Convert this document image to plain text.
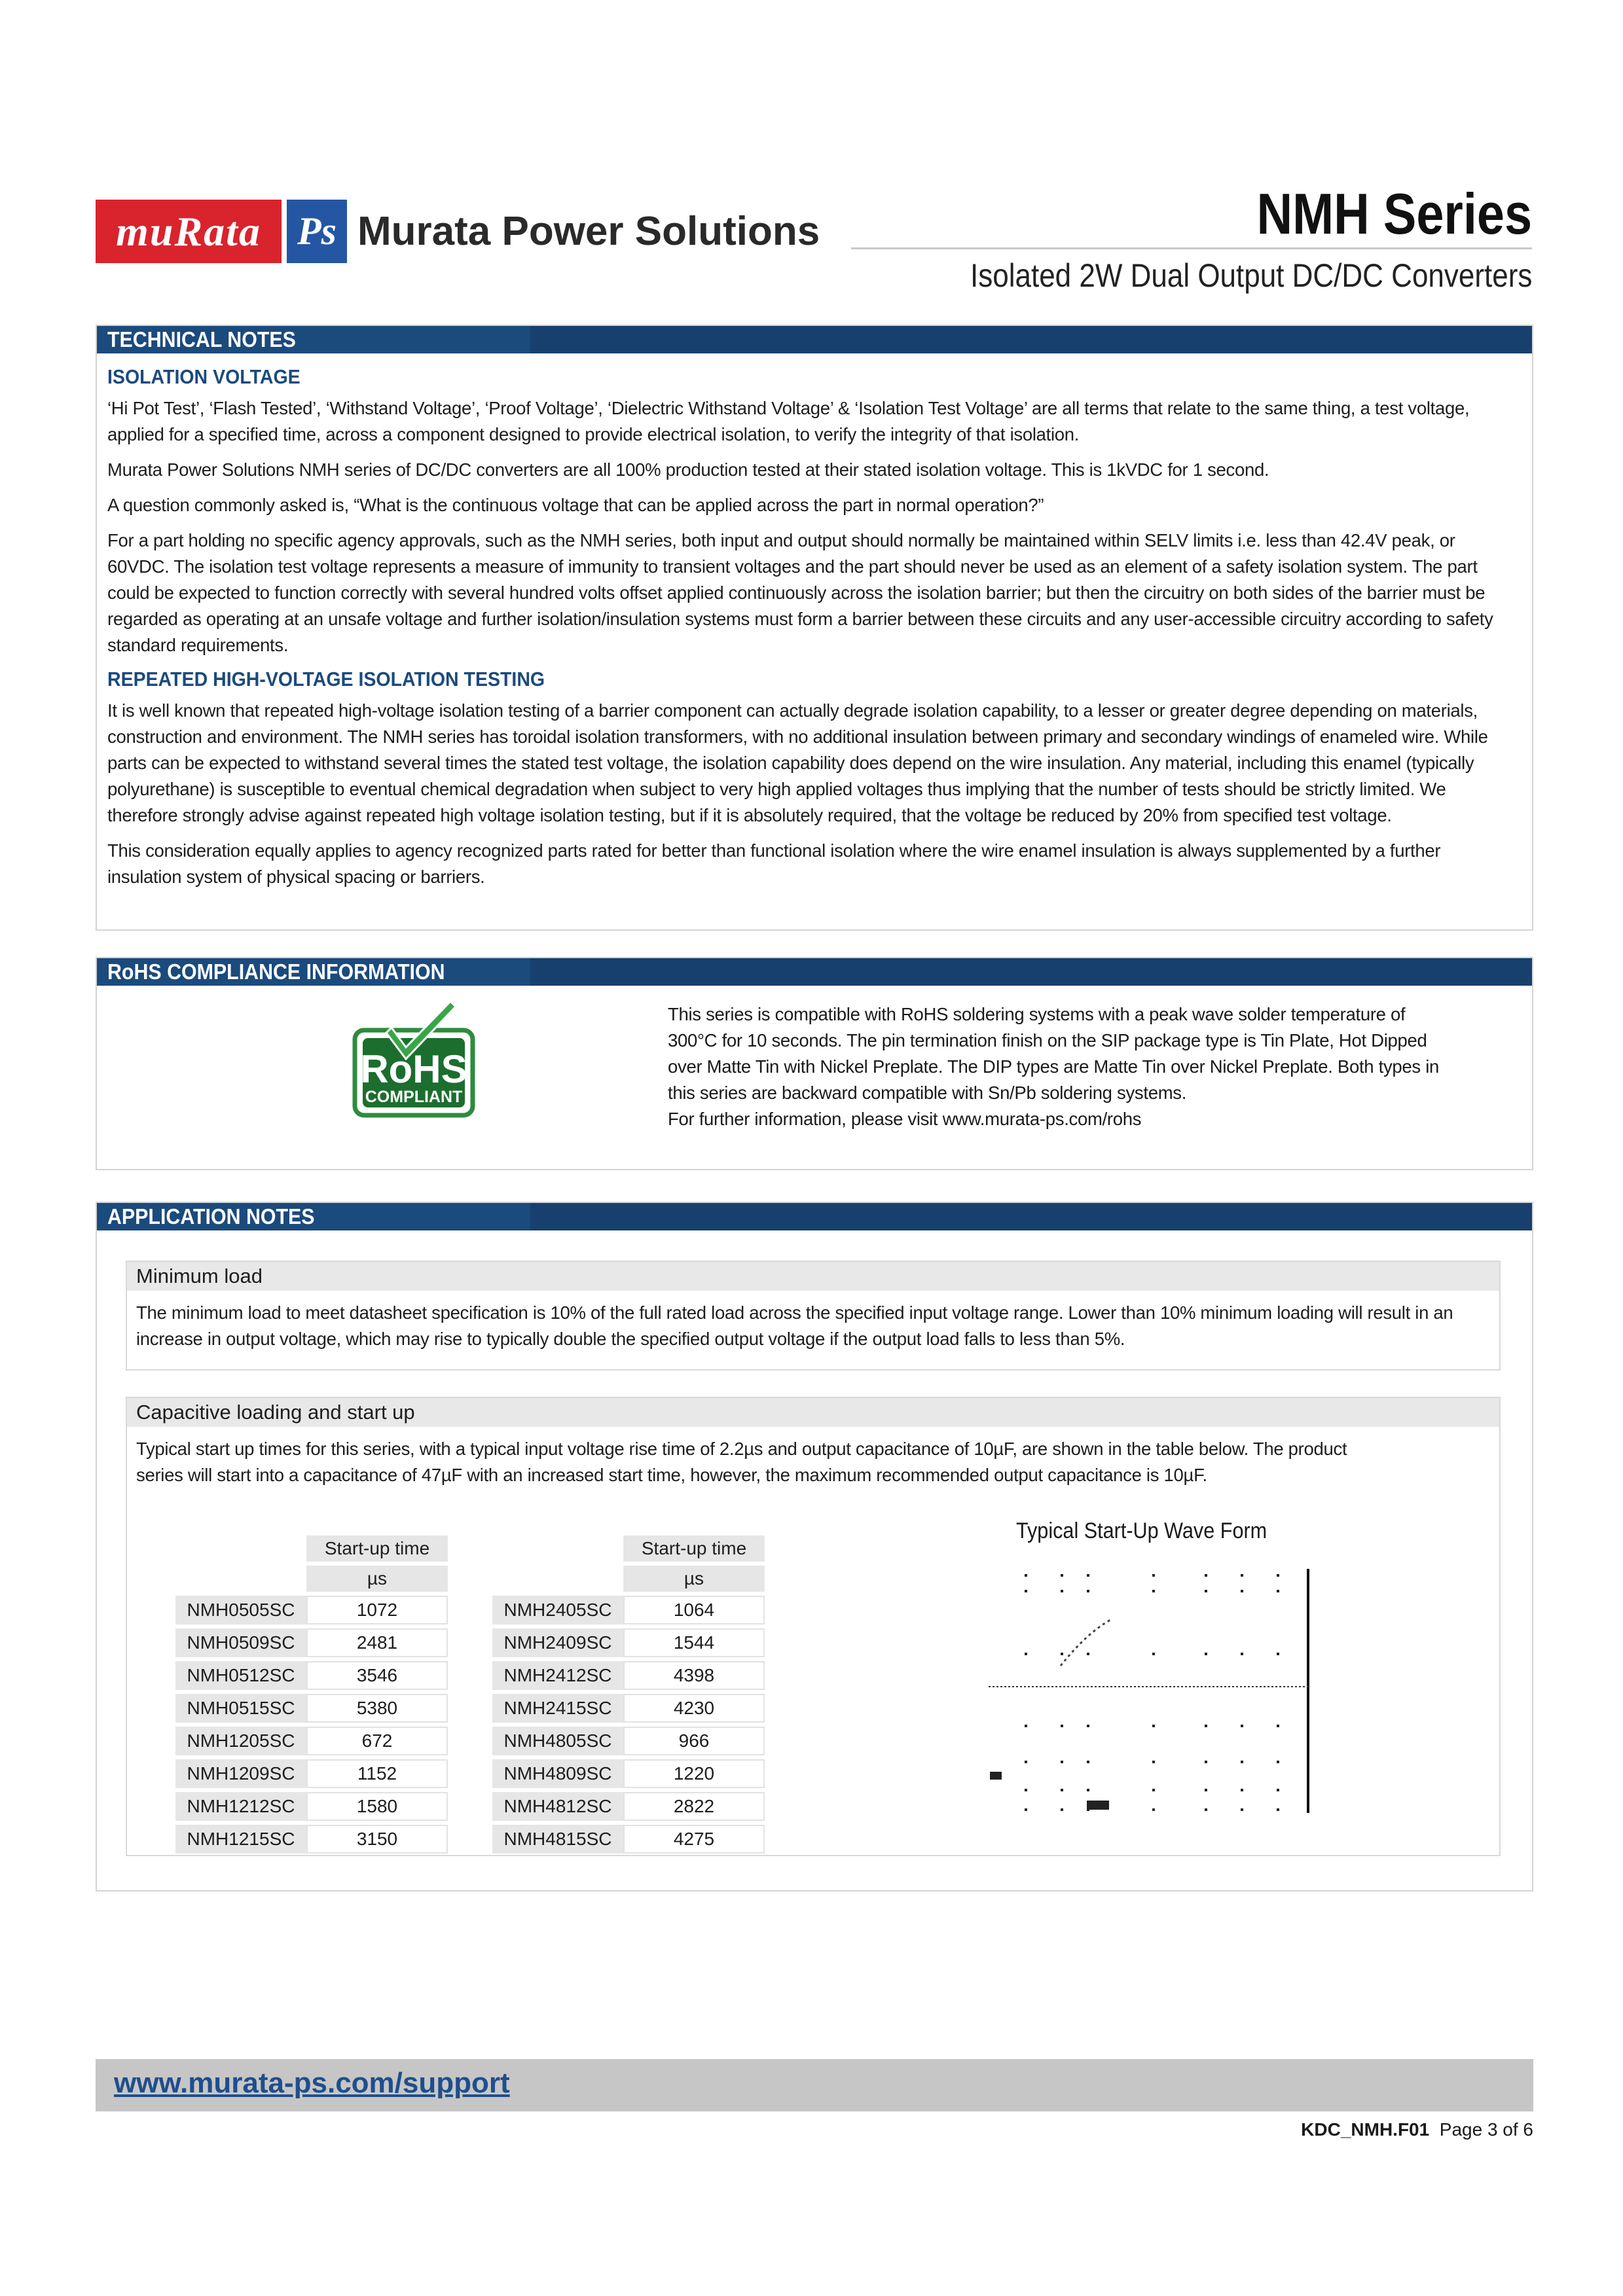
muRata Ps Murata Power Solutions	NMH Series
Isolated 2W Dual Output DC/DC Converters
TECHNICAL NOTES
ISOLATION VOLTAGE

‘Hi Pot Test’, ‘Flash Tested’, ‘Withstand Voltage’, ‘Proof Voltage’, ‘Dielectric Withstand Voltage’ & ‘Isolation Test Voltage’ are all terms that relate to the same thing, a test voltage, applied for a specified time, across a component designed to provide electrical isolation, to verify the integrity of that isolation.

Murata Power Solutions NMH series of DC/DC converters are all 100% production tested at their stated isolation voltage. This is 1kVDC for 1 second.

A question commonly asked is, “What is the continuous voltage that can be applied across the part in normal operation?”

For a part holding no specific agency approvals, such as the NMH series, both input and output should normally be maintained within SELV limits i.e. less than 42.4V peak, or 60VDC. The isolation test voltage represents a measure of immunity to transient voltages and the part should never be used as an element of a safety isolation system. The part could be expected to function correctly with several hundred volts offset applied continuously across the isolation barrier; but then the circuitry on both sides of the barrier must be regarded as operating at an unsafe voltage and further isolation/insulation systems must form a barrier between these circuits and any user-accessible circuitry according to safety standard requirements.

REPEATED HIGH-VOLTAGE ISOLATION TESTING

It is well known that repeated high-voltage isolation testing of a barrier component can actually degrade isolation capability, to a lesser or greater degree depending on materials, construction and environment. The NMH series has toroidal isolation transformers, with no additional insulation between primary and secondary windings of enameled wire. While parts can be expected to withstand several times the stated test voltage, the isolation capability does depend on the wire insulation. Any material, including this enamel (typically polyurethane) is susceptible to eventual chemical degradation when subject to very high applied voltages thus implying that the number of tests should be strictly limited. We therefore strongly advise against repeated high voltage isolation testing, but if it is absolutely required, that the voltage be reduced by 20% from specified test voltage.

This consideration equally applies to agency recognized parts rated for better than functional isolation where the wire enamel insulation is always supplemented by a further insulation system of physical spacing or barriers.

RoHS COMPLIANCE INFORMATION
RoHS
COMPLIANT

This series is compatible with RoHS soldering systems with a peak wave solder temperature of

300°C for 10 seconds. The pin termination finish on the SIP package type is Tin Plate, Hot Dipped

over Matte Tin with Nickel Preplate. The DIP types are Matte Tin over Nickel Preplate. Both types in

this series are backward compatible with Sn/Pb soldering systems.

For further information, please visit www.murata-ps.com/rohs

APPLICATION NOTES
Minimum load

The minimum load to meet datasheet specification is 10% of the full rated load across the specified input voltage range. Lower than 10% minimum loading will result in an increase in output voltage, which may rise to typically double the specified output voltage if the output load falls to less than 5%.

Capacitive loading and start up

Typical start up times for this series, with a typical input voltage rise time of 2.2µs and output capacitance of 10µF, are shown in the table below. The product

series will start into a capacitance of 47µF with an increased start time, however, the maximum recommended output capacitance is 10µF.

	Start-up time
	µs
NMH0505SC	1072
NMH0509SC	2481
NMH0512SC	3546
NMH0515SC	5380
NMH1205SC	672
NMH1209SC	1152
NMH1212SC	1580
NMH1215SC	3150
	Start-up time
	µs
NMH2405SC	1064
NMH2409SC	1544
NMH2412SC	4398
NMH2415SC	4230
NMH4805SC	966
NMH4809SC	1220
NMH4812SC	2822
NMH4815SC	4275
Typical Start-Up Wave Form
www.murata-ps.com/support
KDC_NMH.F01 Page 3 of 6
